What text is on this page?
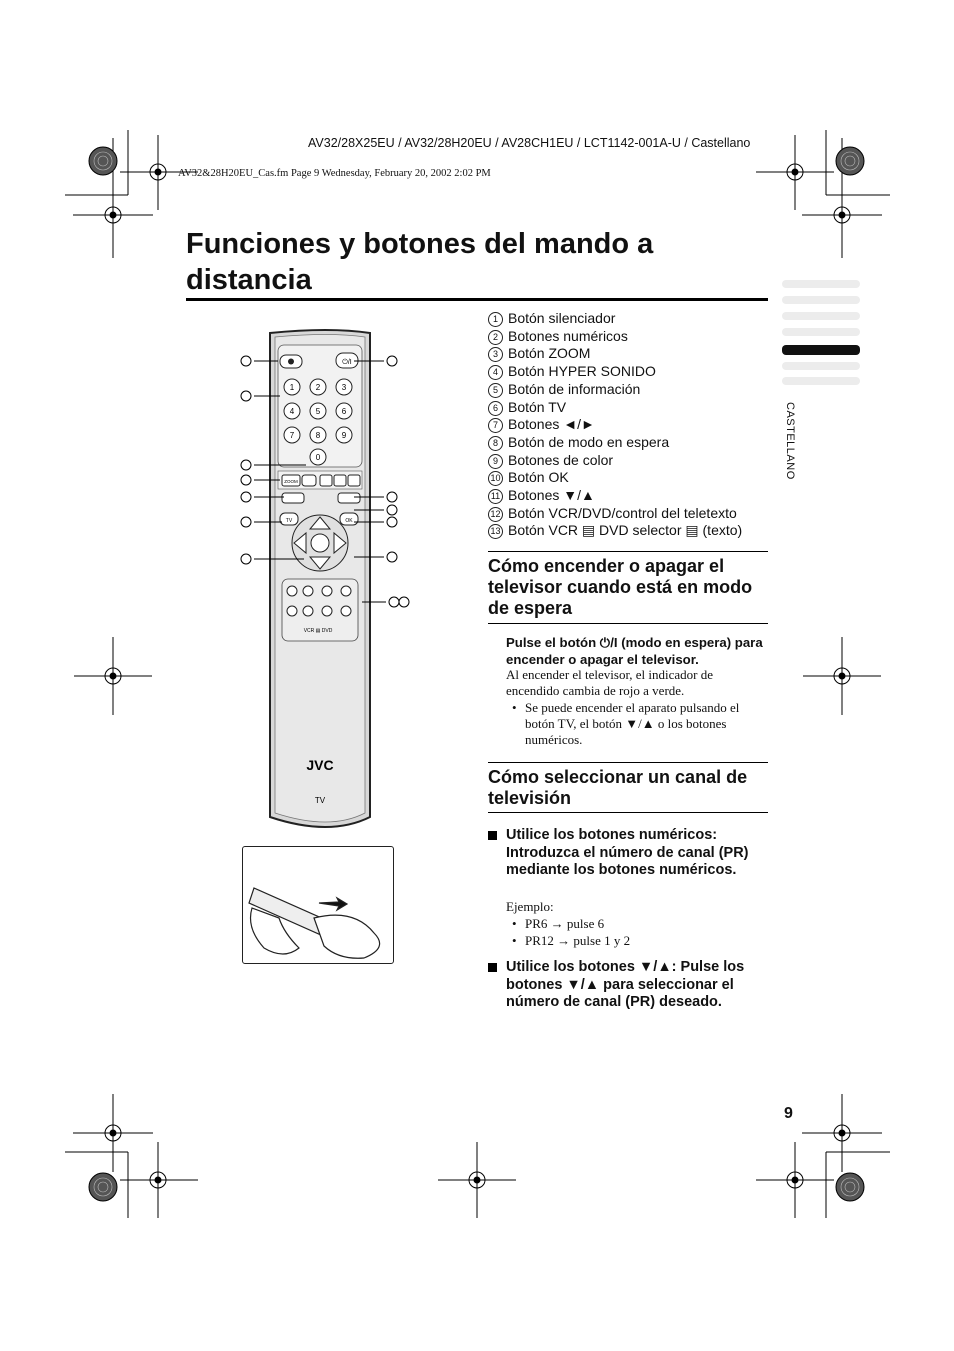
AV32/28X25EU / AV32/28H20EU / AV28CH1EU / LCT1142-001A-U / Castellano
AV32&28H20EU_Cas.fm Page 9 Wednesday, February 20, 2002 2:02 PM
Funciones y botones del mando a
distancia
CASTELLANO
⏻/I
1	2	3
4	5	6
7	8	9
0
ZOOM
TV	OK
VCR ▤ DVD
JVC
TV
1 Botón silenciador
2 Botones numéricos
3 Botón ZOOM
4 Botón HYPER SONIDO
5 Botón de información
6 Botón TV
7 Botones ◄/►
8 Botón de modo en espera
9 Botones de color
10 Botón OK
11 Botones ▼/▲
12 Botón VCR/DVD/control del teletexto
13 Botón VCR ▤ DVD selector ▤ (texto)
Cómo encender o apagar el televisor cuando está en modo de espera
Pulse el botón ⏻/I (modo en espera) para encender o apagar el televisor.
Al encender el televisor, el indicador de encendido cambia de rojo a verde.
• Se puede encender el aparato pulsando el botón TV, el botón ▼/▲ o los botones numéricos.
Cómo seleccionar un canal de televisión
Utilice los botones numéricos: Introduzca el número de canal (PR) mediante los botones numéricos.
Ejemplo:
• PR6 → pulse 6
• PR12 → pulse 1 y 2
Utilice los botones ▼/▲: Pulse los botones ▼/▲ para seleccionar el número de canal (PR) deseado.
9
